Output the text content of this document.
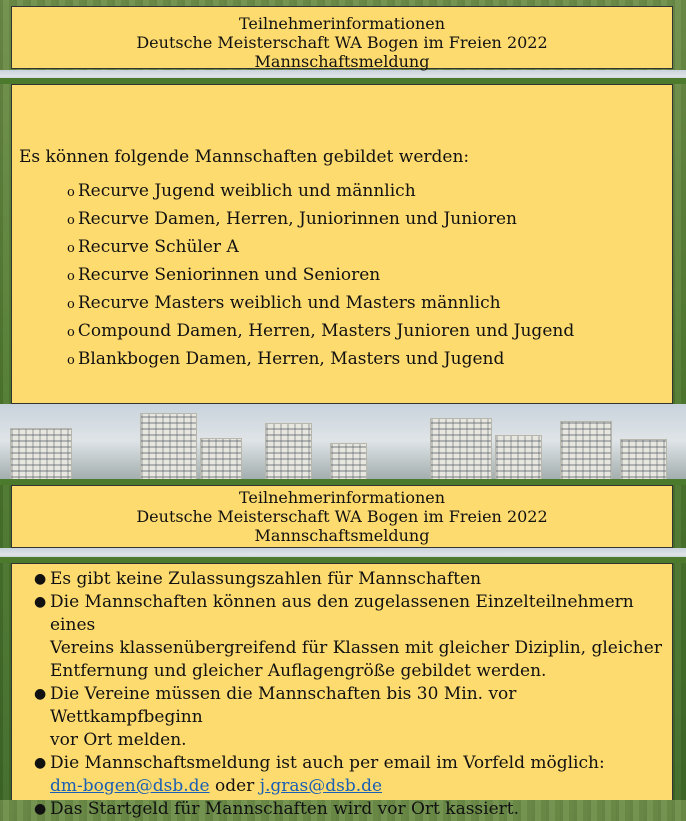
Teilnehmerinformationen
Deutsche Meisterschaft WA Bogen im Freien 2022
Mannschaftsmeldung
Es können folgende Mannschaften gebildet werden:
o Recurve Jugend weiblich und männlich
o Recurve Damen, Herren, Juniorinnen und Junioren
o Recurve Schüler A
o Recurve Seniorinnen und Senioren
o Recurve Masters weiblich und Masters männlich
o Compound Damen, Herren, Masters Junioren und Jugend
o Blankbogen Damen, Herren, Masters und Jugend
Teilnehmerinformationen
Deutsche Meisterschaft WA Bogen im Freien 2022
Mannschaftsmeldung
● Es gibt keine Zulassungszahlen für Mannschaften
● Die Mannschaften können aus den zugelassenen Einzelteilnehmern eines
Vereins klassenübergreifend für Klassen mit gleicher Diziplin, gleicher
Entfernung und gleicher Auflagengröße gebildet werden.
● Die Vereine müssen die Mannschaften bis 30 Min. vor Wettkampfbeginn
vor Ort melden.
● Die Mannschaftsmeldung ist auch per email im Vorfeld möglich:
dm-bogen@dsb.de oder j.gras@dsb.de
● Das Startgeld für Mannschaften wird vor Ort kassiert.
